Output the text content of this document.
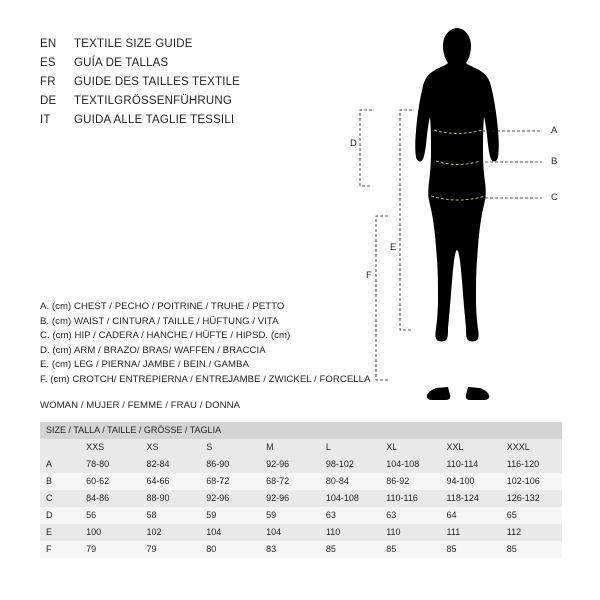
EN	TEXTILE SIZE GUIDE
ES	GUÍA DE TALLAS
FR	GUIDE DES TAILLES TEXTILE
DE	TEXTILGRÖSSENFÜHRUNG
IT	GUIDA ALLE TAGLIE TESSILI
A
B
C
D
E
F
A. (cm) CHEST / PECHO / POITRINE / TRUHE / PETTO
B. (cm) WAIST / CINTURA / TAILLE / HÜFTUNG / VITA
C. (cm) HIP / CADERA / HANCHE / HÜFTE / HIPSD. (cm)
D. (cm) ARM / BRAZO/ BRAS/ WAFFEN / BRACCIA
E. (cm) LEG / PIERNA/ JAMBE / BEIN / GAMBA
F. (cm) CROTCH/ ENTREPIERNA / ENTREJAMBE / ZWICKEL / FORCELLA
WOMAN / MUJER / FEMME / FRAU / DONNA
SIZE / TALLA / TAILLE / GRÖSSE / TAGLIA								
	XXS	XS	S	M	L	XL	XXL	XXXL
A	78-80	82-84	86-90	92-96	98-102	104-108	110-114	116-120
B	60-62	64-66	68-72	68-72	80-84	86-92	94-100	102-106
C	84-86	88-90	92-96	92-96	104-108	110-116	118-124	126-132
D	56	58	59	59	63	63	64	65
E	100	102	104	104	110	110	111	112
F	79	79	80	83	85	85	85	85
